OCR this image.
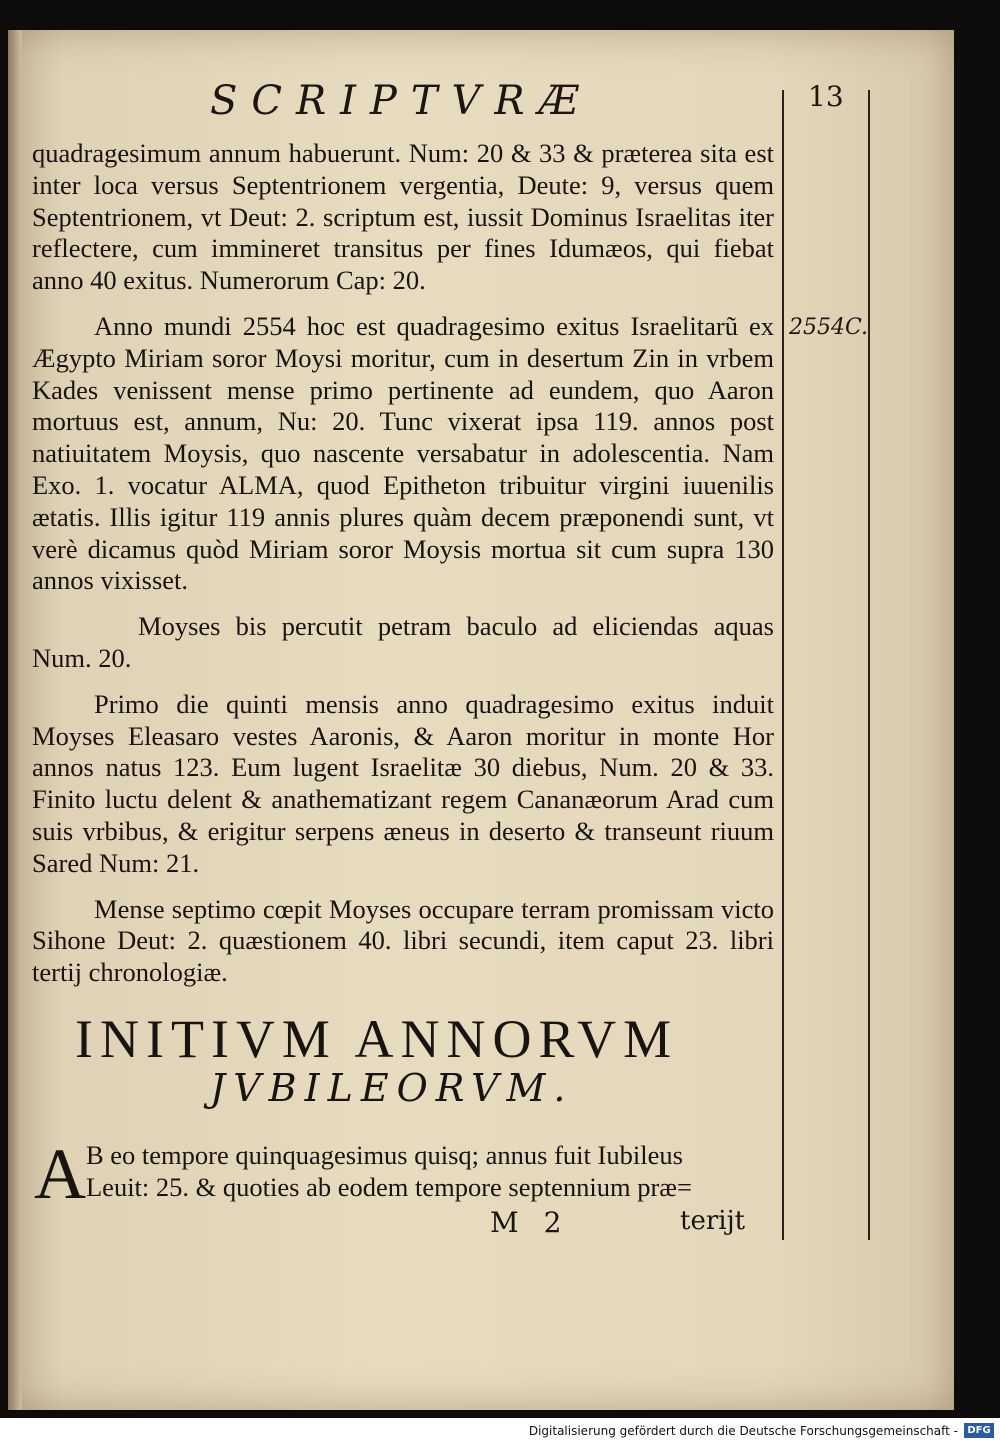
SCRIPTVRÆ	13
2554C.

quadragesimum annum habuerunt. Num: 20 & 33 & præterea sita est inter loca versus Septentrionem vergentia, Deute: 9, versus quem Septentrionem, vt Deut: 2. scriptum est, iussit Dominus Israelitas iter reflectere, cum immineret transitus per fines Idumæos, qui fiebat anno 40 exitus. Numerorum Cap: 20.

Anno mundi 2554 hoc est quadragesimo exitus Israelitarũ ex Ægypto Miriam soror Moysi moritur, cum in desertum Zin in vrbem Kades venissent mense primo pertinente ad eundem, quo Aaron mortuus est, annum, Nu: 20. Tunc vixerat ipsa 119. annos post natiuitatem Moysis, quo nascente versabatur in adolescentia. Nam Exo. 1. vocatur ALMA, quod Epitheton tribuitur virgini iuuenilis ætatis. Illis igitur 119 annis plures quàm decem præponendi sunt, vt verè dicamus quòd Miriam soror Moysis mortua sit cum supra 130 annos vixisset.

Moyses bis percutit petram baculo ad eliciendas aquas Num. 20.

Primo die quinti mensis anno quadragesimo exitus induit Moyses Eleasaro vestes Aaronis, & Aaron moritur in monte Hor annos natus 123. Eum lugent Israelitæ 30 diebus, Num. 20 & 33. Finito luctu delent & anathematizant regem Cananæorum Arad cum suis vrbibus, & erigitur serpens æneus in deserto & transeunt riuum Sared Num: 21.

Mense septimo cœpit Moyses occupare terram promissam victo Sihone Deut: 2. quæstionem 40. libri secundi, item caput 23. libri tertij chronologiæ.

INITIVM ANNORVM
JVBILEORVM.
A B eo tempore quinquagesimus quisq; annus fuit Iubileus
Leuit: 25. & quoties ab eodem tempore septennium præ=
M 2	terijt
Digitalisierung gefördert durch die Deutsche Forschungsgemeinschaft - DFG
